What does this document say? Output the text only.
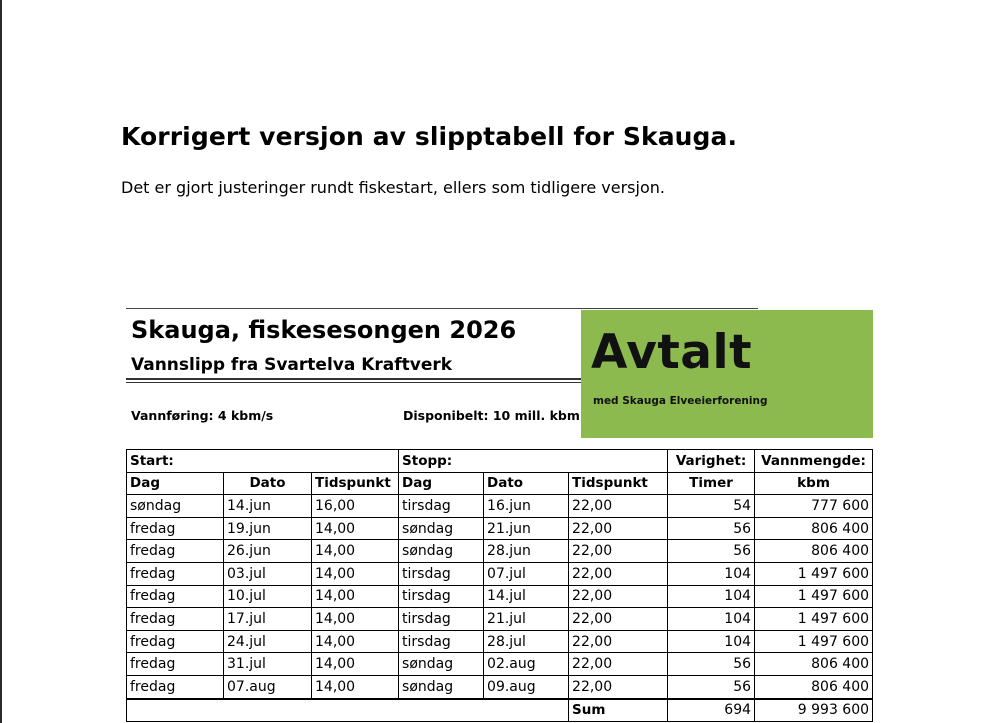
Korrigert versjon av slipptabell for Skauga.

Det er gjort justeringer rundt fiskestart, ellers som tidligere versjon.

Skauga, fiskesesongen 2026
Vannslipp fra Svartelva Kraftverk
Vannføring: 4 kbm/s	Disponibelt: 10 mill. kbm
Avtalt
med Skauga Elveeierforening
Start:			Stopp:			Varighet:	Vannmengde:
Dag	Dato	Tidspunkt	Dag	Dato	Tidspunkt	Timer	kbm
søndag	14.jun	16,00	tirsdag	16.jun	22,00	54	777 600
fredag	19.jun	14,00	søndag	21.jun	22,00	56	806 400
fredag	26.jun	14,00	søndag	28.jun	22,00	56	806 400
fredag	03.jul	14,00	tirsdag	07.jul	22,00	104	1 497 600
fredag	10.jul	14,00	tirsdag	14.jul	22,00	104	1 497 600
fredag	17.jul	14,00	tirsdag	21.jul	22,00	104	1 497 600
fredag	24.jul	14,00	tirsdag	28.jul	22,00	104	1 497 600
fredag	31.jul	14,00	søndag	02.aug	22,00	56	806 400
fredag	07.aug	14,00	søndag	09.aug	22,00	56	806 400
					Sum	694	9 993 600
